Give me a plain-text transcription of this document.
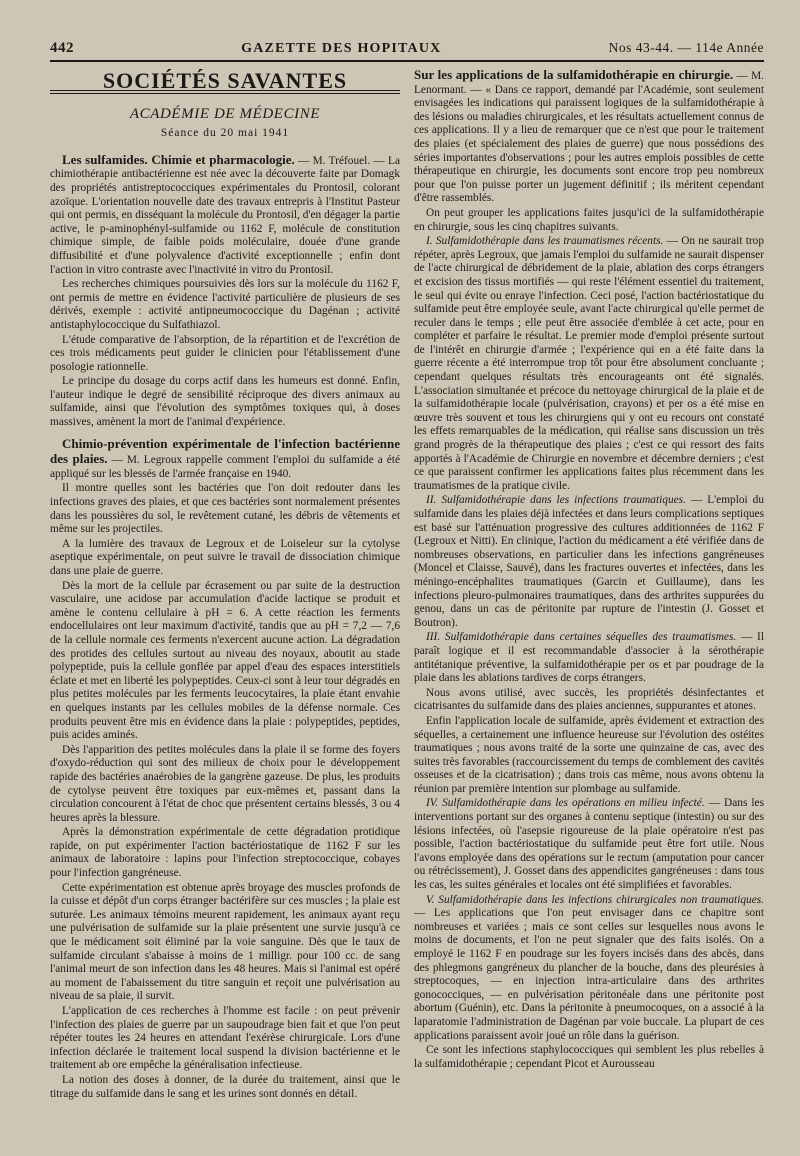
442	GAZETTE DES HOPITAUX	Nos 43-44. — 114e Année
SOCIÉTÉS SAVANTES
ACADÉMIE DE MÉDECINE
Séance du 20 mai 1941

Les sulfamides. Chimie et pharmacologie. — M. Tréfouel. — La chimiothérapie antibactérienne est née avec la découverte faite par Domagk des propriétés antistreptococciques expérimentales du Prontosil, colorant azoïque. L'orientation nouvelle date des travaux entrepris à l'Institut Pasteur qui ont permis, en disséquant la molécule du Prontosil, d'en dégager la partie active, le p-aminophényl-sulfamide ou 1162 F, molécule de constitution chimique simple, de faible poids moléculaire, douée d'une grande diffusibilité et d'une polyvalence d'activité exceptionnelle ; enfin dont l'action in vitro contraste avec l'inactivité in vitro du Prontosil.

Les recherches chimiques poursuivies dès lors sur la molécule du 1162 F, ont permis de mettre en évidence l'activité particulière de plusieurs de ses dérivés, exemple : activité antipneumococcique du Dagénan ; activité antistaphylococcique du Sulfathiazol.

L'étude comparative de l'absorption, de la répartition et de l'excrétion de ces trois médicaments peut guider le clinicien pour l'établissement d'une posologie rationnelle.

Le principe du dosage du corps actif dans les humeurs est donné. Enfin, l'auteur indique le degré de sensibilité réciproque des divers animaux au sulfamide, ainsi que l'évolution des symptômes toxiques qui, à doses massives, amènent la mort de l'animal d'expérience.

Chimio-prévention expérimentale de l'infection bactérienne des plaies. — M. Legroux rappelle comment l'emploi du sulfamide a été appliqué sur les blessés de l'armée française en 1940.

Il montre quelles sont les bactéries que l'on doit redouter dans les infections graves des plaies, et que ces bactéries sont normalement présentes dans les poussières du sol, le revêtement cutané, les débris de vêtements et même sur les projectiles.

A la lumière des travaux de Legroux et de Loiseleur sur la cytolyse aseptique expérimentale, on peut suivre le travail de dissociation chimique dans une plaie de guerre.

Dès la mort de la cellule par écrasement ou par suite de la destruction vasculaire, une acidose par accumulation d'acide lactique se produit et amène le contenu cellulaire à pH = 6. A cette réaction les ferments endocellulaires ont leur maximum d'activité, tandis que au pH = 7,2 — 7,6 de la cellule normale ces ferments n'exercent aucune action. La dégradation des protides des cellules surtout au niveau des noyaux, aboutit au stade polypeptide, puis la cellule gonflée par appel d'eau des espaces interstitiels éclate et met en liberté les polypeptides. Ceux-ci sont à leur tour dégradés en plus petites molécules par les ferments leucocytaires, la plaie étant envahie en quelques instants par les cellules mobiles de la défense normale. Ces produits peuvent être mis en évidence dans la plaie : polypeptides, peptides, puis acides aminés.

Dès l'apparition des petites molécules dans la plaie il se forme des foyers d'oxydo-réduction qui sont des milieux de choix pour le développement rapide des bactéries anaérobies de la gangrène gazeuse. De plus, les produits de cytolyse peuvent être toxiques par eux-mêmes et, passant dans la circulation concourent à l'état de choc que présentent certains blessés, 3 ou 4 heures après la blessure.

Après la démonstration expérimentale de cette dégradation protidique rapide, on put expérimenter l'action bactériostatique de 1162 F sur les animaux de laboratoire : lapins pour l'infection streptococcique, cobayes pour l'infection gangréneuse.

Cette expérimentation est obtenue après broyage des muscles profonds de la cuisse et dépôt d'un corps étranger bactérifère sur ces muscles ; la plaie est suturée. Les animaux témoins meurent rapidement, les animaux ayant reçu une pulvérisation de sulfamide sur la plaie présentent une survie jusqu'à ce que le médicament soit éliminé par la voie sanguine. Dès que le taux de sulfamide circulant s'abaisse à moins de 1 milligr. pour 100 cc. de sang l'animal meurt de son infection dans les 48 heures. Mais si l'animal est opéré au moment de l'abaissement du titre sanguin et reçoit une pulvérisation au niveau de sa plaie, il survit.

L'application de ces recherches à l'homme est facile : on peut prévenir l'infection des plaies de guerre par un saupoudrage bien fait et que l'on peut répéter toutes les 24 heures en attendant l'exérèse chirurgicale. Lors d'une infection déclarée le traitement local suspend la division bactérienne et le traitement ab ore empêche la généralisation infectieuse.

La notion des doses à donner, de la durée du traitement, ainsi que le titrage du sulfamide dans le sang et les urines sont donnés en détail.

Sur les applications de la sulfamidothérapie en chirurgie. — M. Lenormant. — « Dans ce rapport, demandé par l'Académie, sont seulement envisagées les indications qui paraissent logiques de la sulfamidothérapie à des lésions ou maladies chirurgicales, et les résultats actuellement connus de ces applications. Il y a lieu de remarquer que ce n'est que pour le traitement des plaies (et spécialement des plaies de guerre) que nous possédions des séries importantes d'observations ; pour les autres emplois possibles de cette thérapeutique en chirurgie, les documents sont encore trop peu nombreux pour que l'on puisse porter un jugement définitif ; ils méritent cependant d'être rassemblés.

On peut grouper les applications faites jusqu'ici de la sulfamidothérapie en chirurgie, sous les cinq chapitres suivants.

I. Sulfamidothérapie dans les traumatismes récents. — On ne saurait trop répéter, après Legroux, que jamais l'emploi du sulfamide ne saurait dispenser de l'acte chirurgical de débridement de la plaie, ablation des corps étrangers et excision des tissus mortifiés — qui reste l'élément essentiel du traitement, le seul qui évite ou enraye l'infection. Ceci posé, l'action bactériostatique du sulfamide peut être employée seule, avant l'acte chirurgical qu'elle permet de reculer dans le temps ; elle peut être associée d'emblée à cet acte, pour en compléter et parfaire le résultat. Le premier mode d'emploi présente surtout de l'intérêt en chirurgie d'armée ; l'expérience qui en a été faite dans la guerre récente a été interrompue trop tôt pour être absolument concluante ; cependant quelques résultats très encourageants ont été signalés. L'association simultanée et précoce du nettoyage chirurgical de la plaie et de la sulfamidothérapie locale (pulvérisation, crayons) et per os a été mise en œuvre très souvent et tous les chirurgiens qui y ont eu recours ont constaté les effets remarquables de la médication, qui réalise sans discussion un très grand progrès de la thérapeutique des plaies ; c'est ce qui ressort des faits apportés à l'Académie de Chirurgie en novembre et décembre derniers ; c'est ce que paraissent confirmer les applications faites plus récemment dans les traumatismes de la pratique civile.

II. Sulfamidothérapie dans les infections traumatiques. — L'emploi du sulfamide dans les plaies déjà infectées et dans leurs complications septiques est basé sur l'atténuation progressive des cultures additionnées de 1162 F (Legroux et Nitti). En clinique, l'action du médicament a été vérifiée dans de nombreuses observations, en particulier dans les infections gangréneuses (Moncel et Claisse, Sauvé), dans les fractures ouvertes et infectées, dans les méningo-encéphalites traumatiques (Garcin et Guillaume), dans les infections pleuro-pulmonaires traumatiques, dans des arthrites suppurées du genou, dans un cas de péritonite par rupture de l'intestin (J. Gosset et Boutron).

III. Sulfamidothérapie dans certaines séquelles des traumatismes. — Il paraît logique et il est recommandable d'associer à la sérothérapie antitétanique préventive, la sulfamidothérapie per os et par poudrage de la plaie dans les ablations tardives de corps étrangers.

Nous avons utilisé, avec succès, les propriétés désinfectantes et cicatrisantes du sulfamide dans des plaies anciennes, suppurantes et atones.

Enfin l'application locale de sulfamide, après évidement et extraction des séquelles, a certainement une influence heureuse sur l'évolution des ostéites traumatiques ; nous avons traité de la sorte une quinzaine de cas, avec des suites très favorables (raccourcissement du temps de comblement des cavités osseuses et de la cicatrisation) ; dans trois cas même, nous avons obtenu la réunion par première intention sur plombage au sulfamide.

IV. Sulfamidothérapie dans les opérations en milieu infecté. — Dans les interventions portant sur des organes à contenu septique (intestin) ou sur des lésions infectées, où l'asepsie rigoureuse de la plaie opératoire n'est pas possible, l'action bactériostatique du sulfamide peut être fort utile. Nous l'avons employée dans des opérations sur le rectum (amputation pour cancer ou rétrécissement), J. Gosset dans des appendicites gangréneuses : dans tous les cas, les suites générales et locales ont été simplifiées et favorables.

V. Sulfamidothérapie dans les infections chirurgicales non traumatiques. — Les applications que l'on peut envisager dans ce chapitre sont nombreuses et variées ; mais ce sont celles sur lesquelles nous avons le moins de documents, et l'on ne peut signaler que des faits isolés. On a employé le 1162 F en poudrage sur les foyers incisés dans des abcès, dans des phlegmons gangréneux du plancher de la bouche, dans des pleurésies à streptocoques, — en injection intra-articulaire dans des arthrites gonococciques, — en pulvérisation péritonéale dans une péritonite post abortum (Guénin), etc. Dans la péritonite à pneumocoques, on a associé à la laparatomie l'administration de Dagénan par voie buccale. La plupart de ces applications paraissent avoir joué un rôle dans la guérison.

Ce sont les infections staphylococciques qui semblent les plus rebelles à la sulfamidothérapie ; cependant Picot et Aurousseau
